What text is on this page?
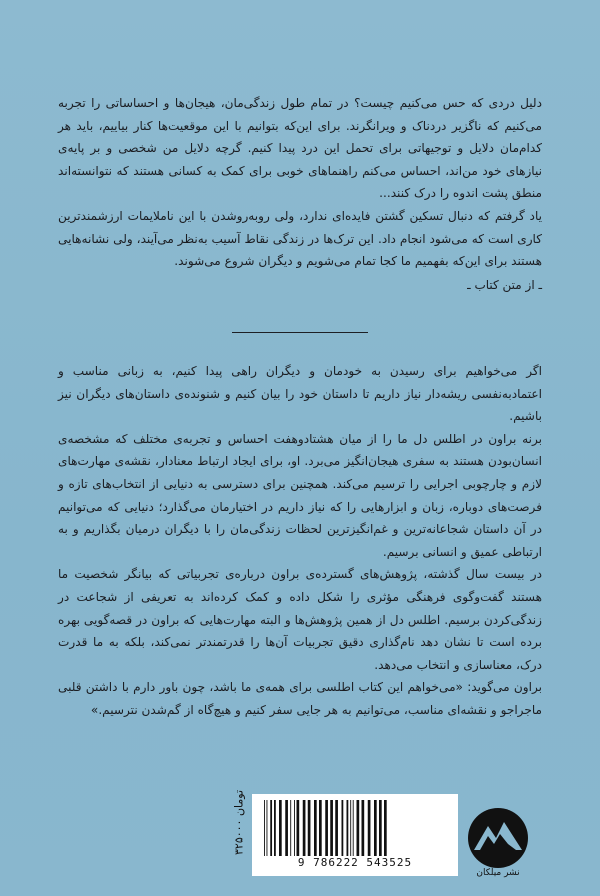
دلیل دردی که حس می‌کنیم چیست؟ در تمام طول زندگی‌مان، هیجان‌ها و احساساتی را تجربه می‌کنیم که ناگزیر دردناک و ویرانگرند. برای این‌که بتوانیم با این موقعیت‌ها کنار بیاییم، باید هر کدام‌مان دلایل و توجیهاتی برای تحمل این درد پیدا کنیم. گرچه دلایل من شخصی و بر پایه‌ی نیازهای خود من‌اند، احساس می‌کنم راهنماهای خوبی برای کمک به کسانی هستند که نتوانسته‌اند منطق پشت اندوه را درک کنند...

یاد گرفتم که دنبال تسکین گشتن فایده‌ای ندارد، ولی روبه‌روشدن با این ناملایمات ارزشمندترین کاری است که می‌شود انجام داد. این ترک‌ها در زندگی نقاط آسیب به‌نظر می‌آیند، ولی نشانه‌هایی هستند برای این‌که بفهمیم ما کجا تمام می‌شویم و دیگران شروع می‌شوند.

ـ از متن کتاب ـ

اگر می‌خواهیم برای رسیدن به خودمان و دیگران راهی پیدا کنیم، به زبانی مناسب و اعتمادبه‌نفسی ریشه‌دار نیاز داریم تا داستان خود را بیان کنیم و شنونده‌ی داستان‌های دیگران نیز باشیم.

برنه براون در اطلس دل ما را از میان هشتادوهفت احساس و تجربه‌ی مختلف که مشخصه‌ی انسان‌بودن هستند به سفری هیجان‌انگیز می‌برد. او، برای ایجاد ارتباط معنادار، نقشه‌ی مهارت‌های لازم و چارچوبی اجرایی را ترسیم می‌کند. همچنین برای دسترسی به دنیایی از انتخاب‌های تازه و فرصت‌های دوباره، زبان و ابزارهایی را که نیاز داریم در اختیارمان می‌گذارد؛ دنیایی که می‌توانیم در آن داستان شجاعانه‌ترین و غم‌انگیزترین لحظات زندگی‌مان را با دیگران درمیان بگذاریم و به ارتباطی عمیق و انسانی برسیم.

در بیست سال گذشته، پژوهش‌های گسترده‌ی براون درباره‌ی تجربیاتی که بیانگر شخصیت ما هستند گفت‌وگوی فرهنگی مؤثری را شکل داده و کمک کرده‌اند به تعریفی از شجاعت در زندگی‌کردن برسیم. اطلس دل از همین پژوهش‌ها و البته مهارت‌هایی که براون در قصه‌گویی بهره برده است تا نشان دهد نام‌گذاری دقیق تجربیات آن‌ها را قدرتمندتر نمی‌کند، بلکه به ما قدرت درک، معناسازی و انتخاب می‌دهد.

براون می‌گوید: «می‌خواهم این کتاب اطلسی برای همه‌ی ما باشد، چون باور دارم با داشتن قلبی ماجراجو و نقشه‌ای مناسب، می‌توانیم به هر جایی سفر کنیم و هیچ‌گاه از گم‌شدن نترسیم.»

۳۲۵۰۰۰ تومان
9 786222 543525
نشر میلکان
